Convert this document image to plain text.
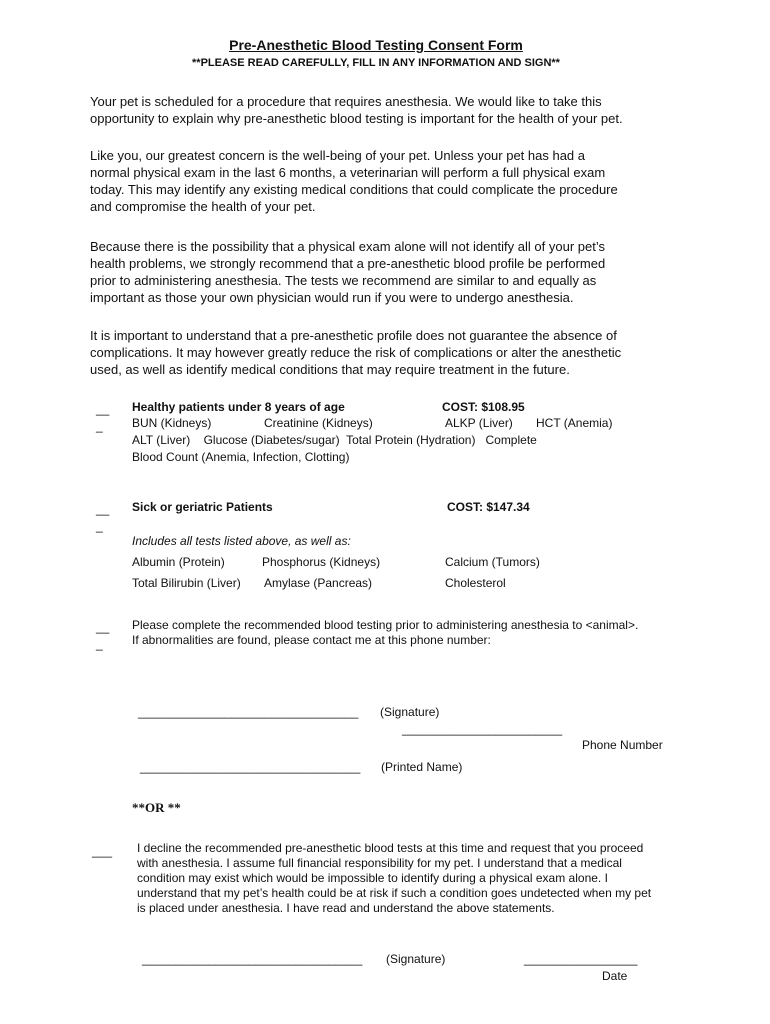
Pre-Anesthetic Blood Testing Consent Form
**PLEASE READ CAREFULLY, FILL IN ANY INFORMATION AND SIGN**
Your pet is scheduled for a procedure that requires anesthesia. We would like to take this
opportunity to explain why pre-anesthetic blood testing is important for the health of your pet.
Like you, our greatest concern is the well-being of your pet. Unless your pet has had a
normal physical exam in the last 6 months, a veterinarian will perform a full physical exam
today. This may identify any existing medical conditions that could complicate the procedure
and compromise the health of your pet.
Because there is the possibility that a physical exam alone will not identify all of your pet’s
health problems, we strongly recommend that a pre-anesthetic blood profile be performed
prior to administering anesthesia. The tests we recommend are similar to and equally as
important as those your own physician would run if you were to undergo anesthesia.
It is important to understand that a pre-anesthetic profile does not guarantee the absence of
complications. It may however greatly reduce the risk of complications or alter the anesthetic
used, as well as identify medical conditions that may require treatment in the future.
__
_
Healthy patients under 8 years of age	COST: $108.95
BUN (Kidneys)	Creatinine (Kidneys)	ALKP (Liver) HCT (Anemia)
ALT (Liver)    Glucose (Diabetes/sugar)  Total Protein (Hydration)   Complete
Blood Count (Anemia, Infection, Clotting)
__
_
Sick or geriatric Patients	COST: $147.34
Includes all tests listed above, as well as:
Albumin (Protein)	Phosphorus (Kidneys)	Calcium (Tumors)
Total Bilirubin (Liver) Amylase (Pancreas)	Cholesterol
__
_
Please complete the recommended blood testing prior to administering anesthesia to <animal>.
If abnormalities are found, please contact me at this phone number:
_________________________________ (Signature)
________________________
Phone Number
_________________________________ (Printed Name)
**OR **
___ I decline the recommended pre-anesthetic blood tests at this time and request that you proceed
with anesthesia. I assume full financial responsibility for my pet. I understand that a medical
condition may exist which would be impossible to identify during a physical exam alone. I
understand that my pet’s health could be at risk if such a condition goes undetected when my pet
is placed under anesthesia. I have read and understand the above statements.
_________________________________ (Signature)	_________________
Date
